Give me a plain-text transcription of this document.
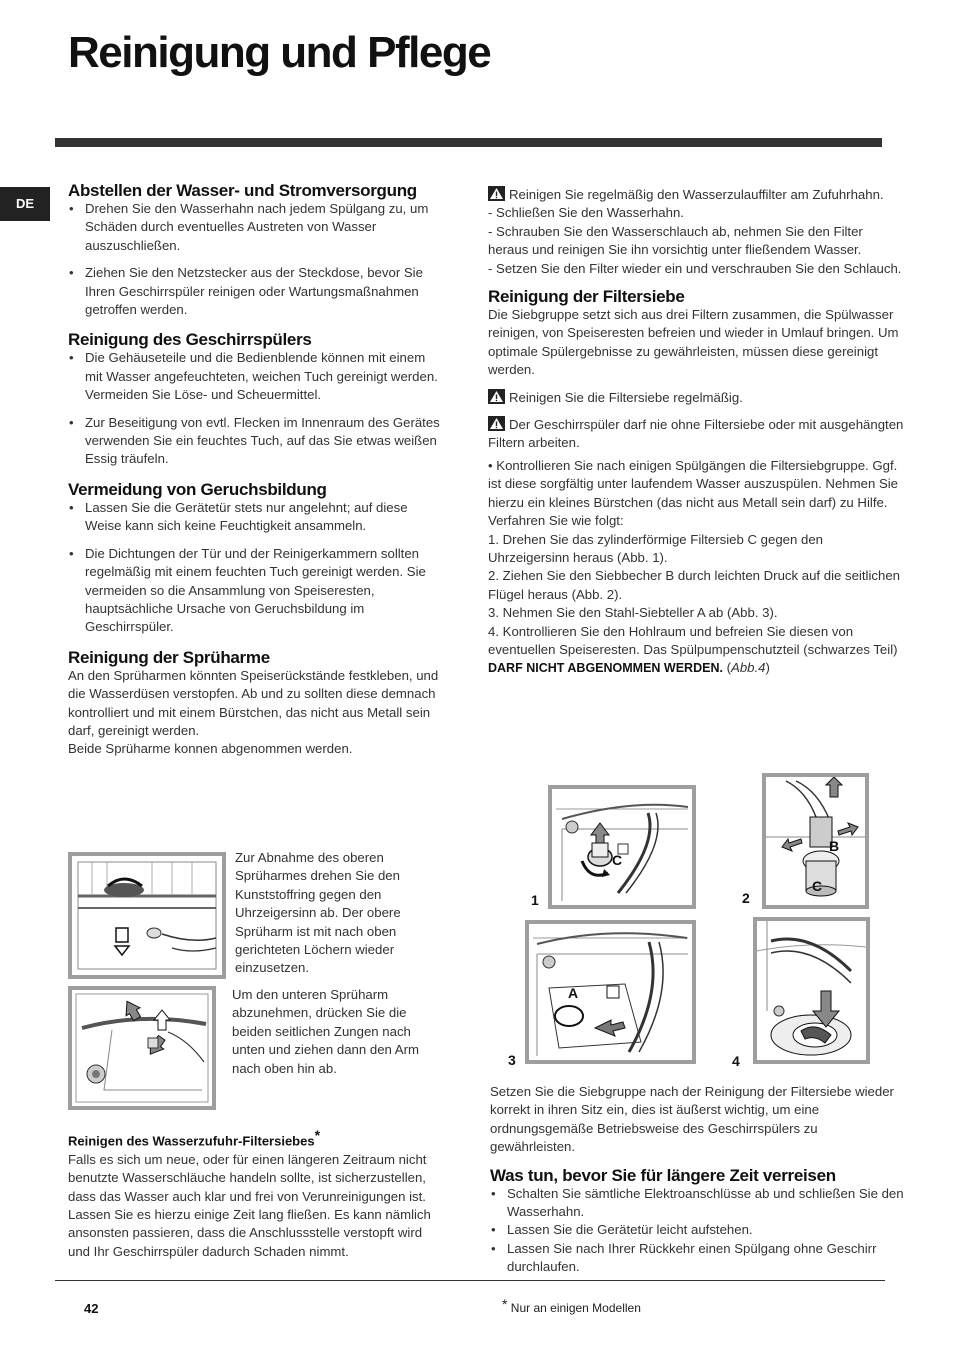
Reinigung und Pflege
DE
Abstellen der Wasser- und Stromversorgung
• Drehen Sie den Wasserhahn nach jedem Spülgang zu, um Schäden durch eventuelles Austreten von Wasser auszuschließen.
• Ziehen Sie den Netzstecker aus der Steckdose, bevor Sie Ihren Geschirrspüler reinigen oder Wartungsmaßnahmen getroffen werden.
Reinigung des Geschirrspülers
• Die Gehäuseteile und die Bedienblende können mit einem mit Wasser angefeuchteten, weichen Tuch gereinigt werden. Vermeiden Sie Löse- und Scheuermittel.
• Zur Beseitigung von evtl. Flecken im Innenraum des Gerätes verwenden Sie ein feuchtes Tuch, auf das Sie etwas weißen Essig träufeln.
Vermeidung von Geruchsbildung
• Lassen Sie die Gerätetür stets nur angelehnt; auf diese Weise kann sich keine Feuchtigkeit ansammeln.
• Die Dichtungen der Tür und der Reinigerkammern sollten regelmäßig mit einem feuchten Tuch gereinigt werden. Sie vermeiden so die Ansammlung von Speiseresten, hauptsächliche Ursache von Geruchsbildung im Geschirrspüler.
Reinigung der Sprüharme

An den Sprüharmen könnten Speiserückstände festkleben, und die Wasserdüsen verstopfen. Ab und zu sollten diese demnach kontrolliert und mit einem Bürstchen, das nicht aus Metall sein darf, gereinigt werden.

Beide Sprüharme konnen abgenommen werden.

Zur Abnahme des oberen Sprüharmes drehen Sie den Kunststoffring gegen den Uhrzeigersinn ab. Der obere Sprüharm ist mit nach oben gerichteten Löchern wieder einzusetzen.

Um den unteren Sprüharm abzunehmen, drücken Sie die beiden seitlichen Zungen nach unten und ziehen dann den Arm nach oben hin ab.

Reinigen des Wasserzufuhr-Filtersiebes*

Falls es sich um neue, oder für einen längeren Zeitraum nicht benutzte Wasserschläuche handeln sollte, ist sicherzustellen, dass das Wasser auch klar und frei von Verunreinigungen ist. Lassen Sie es hierzu einige Zeit lang fließen. Es kann nämlich ansonsten passieren, dass die Anschlussstelle verstopft wird und Ihr Geschirrspüler dadurch Schaden nimmt.

Reinigen Sie regelmäßig den Wasserzulauffilter am Zufuhrhahn.

- Schließen Sie den Wasserhahn.

- Schrauben Sie den Wasserschlauch ab, nehmen Sie den Filter heraus und reinigen Sie ihn vorsichtig unter fließendem Wasser.

- Setzen Sie den Filter wieder ein und verschrauben Sie den Schlauch.

Reinigung der Filtersiebe

Die Siebgruppe setzt sich aus drei Filtern zusammen, die Spülwasser reinigen, von Speiseresten befreien und wieder in Umlauf bringen. Um optimale Spülergebnisse zu gewährleisten, müssen diese gereinigt werden.

Reinigen Sie die Filtersiebe regelmäßig.

Der Geschirrspüler darf nie ohne Filtersiebe oder mit ausgehängten Filtern arbeiten.

• Kontrollieren Sie nach einigen Spülgängen die Filtersiebgruppe. Ggf. ist diese sorgfältig unter laufendem Wasser auszuspülen. Nehmen Sie hierzu ein kleines Bürstchen (das nicht aus Metall sein darf) zu Hilfe. Verfahren Sie wie folgt:

1. Drehen Sie das zylinderförmige Filtersieb C gegen den Uhrzeigersinn heraus (Abb. 1).

2. Ziehen Sie den Siebbecher B durch leichten Druck auf die seitlichen Flügel heraus (Abb. 2).

3. Nehmen Sie den Stahl-Siebteller A ab (Abb. 3).

4. Kontrollieren Sie den Hohlraum und befreien Sie diesen von eventuellen Speiseresten. Das Spülpumpenschutzteil (schwarzes Teil) DARF NICHT ABGENOMMEN WERDEN. (Abb.4)

C
B
C
A
1	2
3	4

Setzen Sie die Siebgruppe nach der Reinigung der Filtersiebe wieder korrekt in ihren Sitz ein, dies ist äußerst wichtig, um eine ordnungsgemäße Betriebsweise des Geschirrspülers zu gewährleisten.

Was tun, bevor Sie für längere Zeit verreisen
• Schalten Sie sämtliche Elektroanschlüsse ab und schließen Sie den Wasserhahn.
• Lassen Sie die Gerätetür leicht aufstehen.
• Lassen Sie nach Ihrer Rückkehr einen Spülgang ohne Geschirr durchlaufen.
42	* Nur an einigen Modellen
